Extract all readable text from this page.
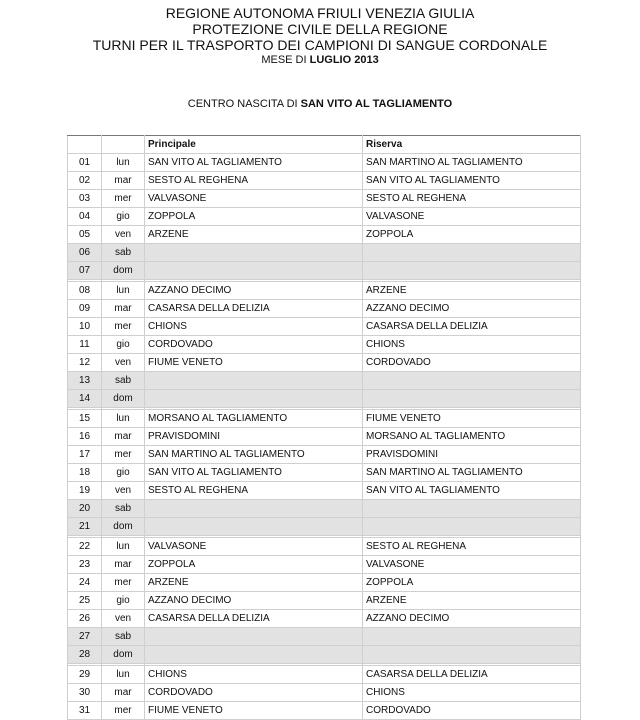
REGIONE AUTONOMA FRIULI VENEZIA GIULIA
PROTEZIONE CIVILE DELLA REGIONE
TURNI PER IL TRASPORTO DEI CAMPIONI DI SANGUE CORDONALE
MESE DI LUGLIO 2013
CENTRO NASCITA DI SAN VITO AL TAGLIAMENTO
		Principale	Riserva
01	lun	SAN VITO AL TAGLIAMENTO	SAN MARTINO AL TAGLIAMENTO
02	mar	SESTO AL REGHENA	SAN VITO AL TAGLIAMENTO
03	mer	VALVASONE	SESTO AL REGHENA
04	gio	ZOPPOLA	VALVASONE
05	ven	ARZENE	ZOPPOLA
06	sab		
07	dom		

08	lun	AZZANO DECIMO	ARZENE
09	mar	CASARSA DELLA DELIZIA	AZZANO DECIMO
10	mer	CHIONS	CASARSA DELLA DELIZIA
11	gio	CORDOVADO	CHIONS
12	ven	FIUME VENETO	CORDOVADO
13	sab		
14	dom		

15	lun	MORSANO AL TAGLIAMENTO	FIUME VENETO
16	mar	PRAVISDOMINI	MORSANO AL TAGLIAMENTO
17	mer	SAN MARTINO AL TAGLIAMENTO	PRAVISDOMINI
18	gio	SAN VITO AL TAGLIAMENTO	SAN MARTINO AL TAGLIAMENTO
19	ven	SESTO AL REGHENA	SAN VITO AL TAGLIAMENTO
20	sab		
21	dom		

22	lun	VALVASONE	SESTO AL REGHENA
23	mar	ZOPPOLA	VALVASONE
24	mer	ARZENE	ZOPPOLA
25	gio	AZZANO DECIMO	ARZENE
26	ven	CASARSA DELLA DELIZIA	AZZANO DECIMO
27	sab		
28	dom		

29	lun	CHIONS	CASARSA DELLA DELIZIA
30	mar	CORDOVADO	CHIONS
31	mer	FIUME VENETO	CORDOVADO
